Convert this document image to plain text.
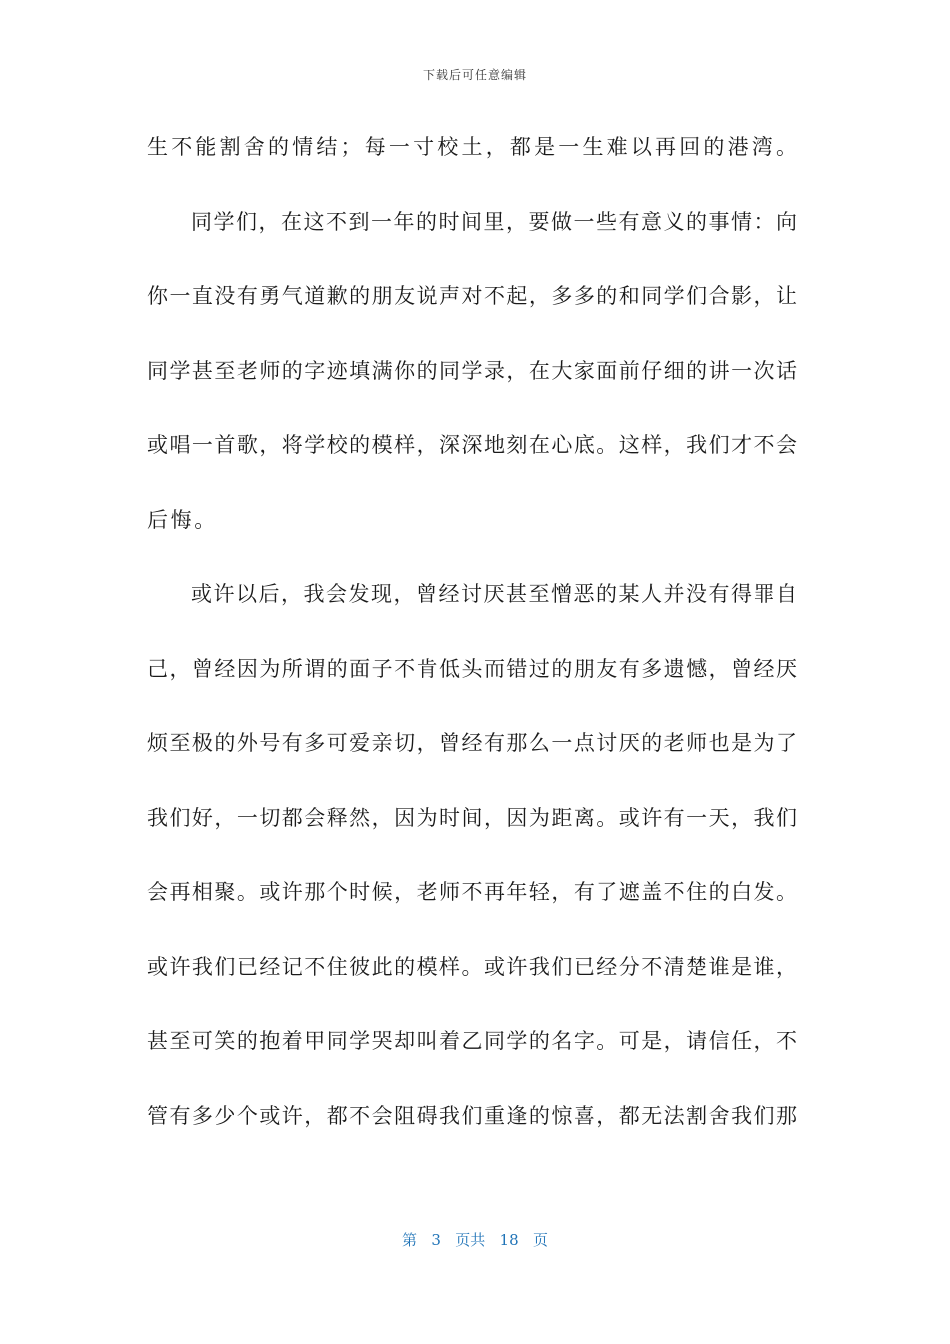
下载后可任意编辑
生不能割舍的情结；每一寸校土，都是一生难以再回的港湾。
同学们，在这不到一年的时间里，要做一些有意义的事情：向
你一直没有勇气道歉的朋友说声对不起，多多的和同学们合影，让
同学甚至老师的字迹填满你的同学录，在大家面前仔细的讲一次话
或唱一首歌，将学校的模样，深深地刻在心底。这样，我们才不会
后悔。
或许以后，我会发现，曾经讨厌甚至憎恶的某人并没有得罪自
己，曾经因为所谓的面子不肯低头而错过的朋友有多遗憾，曾经厌
烦至极的外号有多可爱亲切，曾经有那么一点讨厌的老师也是为了
我们好，一切都会释然，因为时间，因为距离。或许有一天，我们
会再相聚。或许那个时候，老师不再年轻，有了遮盖不住的白发。
或许我们已经记不住彼此的模样。或许我们已经分不清楚谁是谁，
甚至可笑的抱着甲同学哭却叫着乙同学的名字。可是，请信任，不
管有多少个或许，都不会阻碍我们重逢的惊喜，都无法割舍我们那
第 3 页共 18 页
